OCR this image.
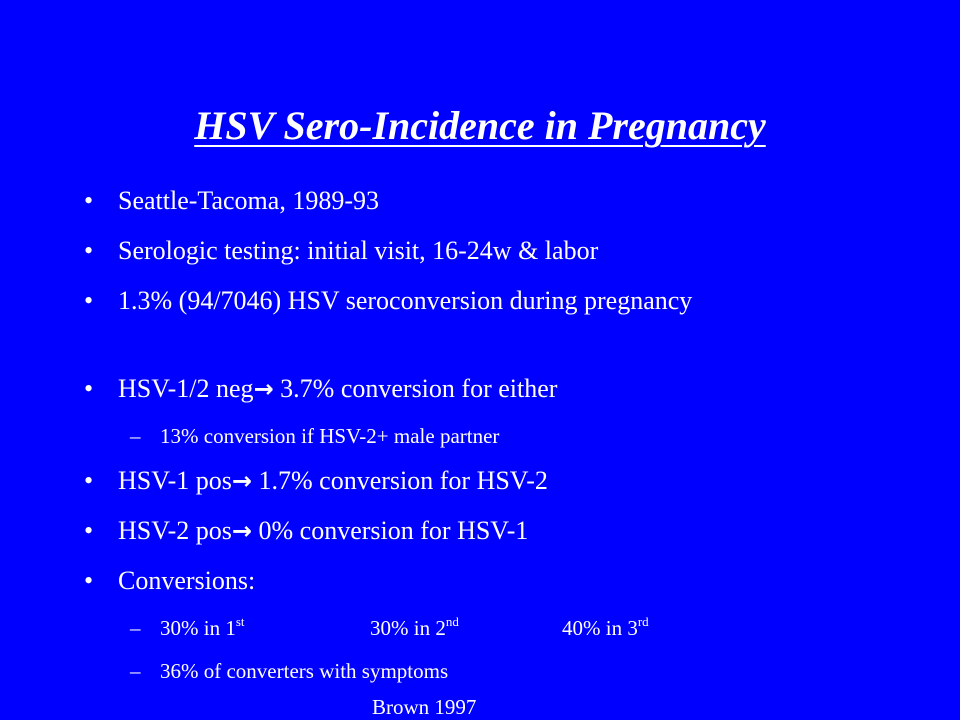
HSV Sero-Incidence in Pregnancy
• Seattle-Tacoma, 1989-93
• Serologic testing: initial visit, 16-24w & labor
• 1.3% (94/7046) HSV seroconversion during pregnancy
• HSV-1/2 neg→ 3.7% conversion for either
– 13% conversion if HSV-2+ male partner
• HSV-1 pos→ 1.7% conversion for HSV-2
• HSV-2 pos→ 0% conversion for HSV-1
• Conversions:
– 30% in 1st	30% in 2nd	40% in 3rd
– 36% of converters with symptoms
Brown 1997
